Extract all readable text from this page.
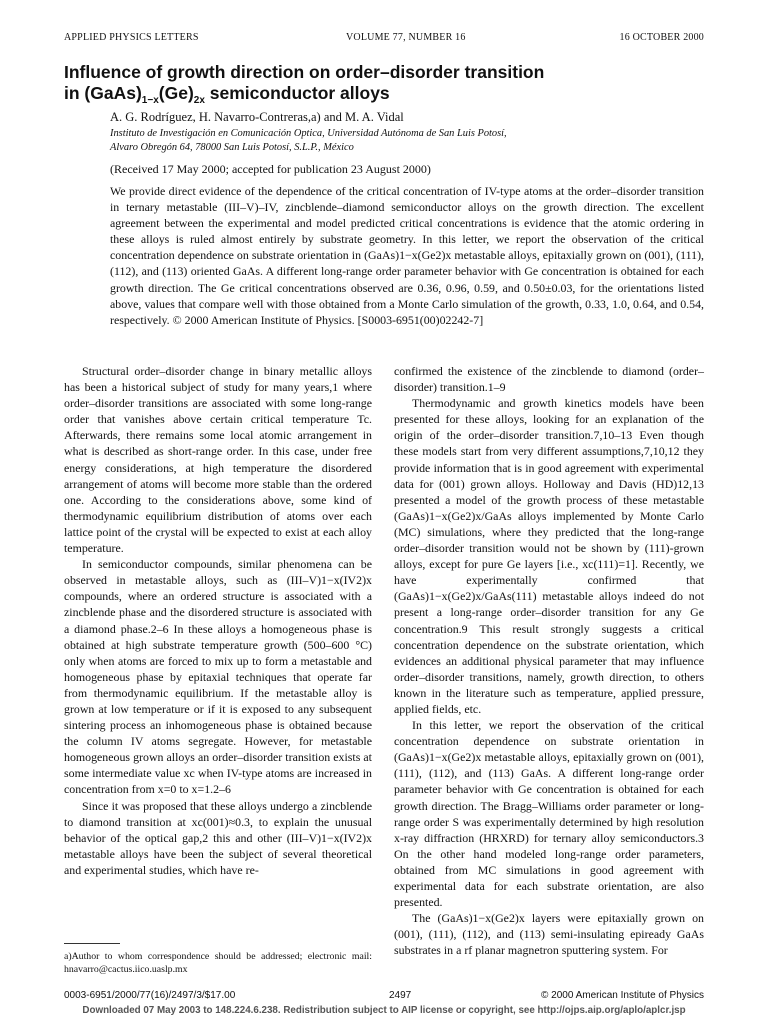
APPLIED PHYSICS LETTERS	VOLUME 77, NUMBER 16	16 OCTOBER 2000
Influence of growth direction on order–disorder transition
in $(GaAs)_{1-x}(Ge)_{2x}$ semiconductor alloys
A. G. Rodríguez, H. Navarro-Contreras,a) and M. A. Vidal
Instituto de Investigación en Comunicación Optica, Universidad Autónoma de San Luis Potosí,
Alvaro Obregón 64, 78000 San Luis Potosí, S.L.P., México
(Received 17 May 2000; accepted for publication 23 August 2000)

We provide direct evidence of the dependence of the critical concentration of IV-type atoms at the order–disorder transition in ternary metastable (III–V)–IV, zincblende–diamond semiconductor alloys on the growth direction. The excellent agreement between the experimental and model predicted critical concentrations is evidence that the atomic ordering in these alloys is ruled almost entirely by substrate geometry. In this letter, we report the observation of the critical concentration dependence on substrate orientation in (GaAs)1−x(Ge2)x metastable alloys, epitaxially grown on (001), (111), (112), and (113) oriented GaAs. A different long-range order parameter behavior with Ge concentration is obtained for each growth direction. The Ge critical concentrations observed are 0.36, 0.96, 0.59, and 0.50±0.03, for the orientations listed above, values that compare well with those obtained from a Monte Carlo simulation of the growth, 0.33, 1.0, 0.64, and 0.54, respectively. © 2000 American Institute of Physics. [S0003-6951(00)02242-7]

Structural order–disorder change in binary metallic alloys has been a historical subject of study for many years,1 where order–disorder transitions are associated with some long-range order that vanishes above certain critical temperature Tc. Afterwards, there remains some local atomic arrangement in what is described as short-range order. In this case, under free energy considerations, at high temperature the disordered arrangement of atoms will become more stable than the ordered one. According to the considerations above, some kind of thermodynamic equilibrium distribution of atoms over each lattice point of the crystal will be expected to exist at each alloy temperature.

In semiconductor compounds, similar phenomena can be observed in metastable alloys, such as (III–V)1−x(IV2)x compounds, where an ordered structure is associated with a zincblende phase and the disordered structure is associated with a diamond phase.2–6 In these alloys a homogeneous phase is obtained at high substrate temperature growth (500–600 °C) only when atoms are forced to mix up to form a metastable and homogeneous phase by epitaxial techniques that operate far from thermodynamic equilibrium. If the metastable alloy is grown at low temperature or if it is exposed to any subsequent sintering process an inhomogeneous phase is obtained because the column IV atoms segregate. However, for metastable homogeneous grown alloys an order–disorder transition exists at some intermediate value xc when IV-type atoms are increased in concentration from x=0 to x=1.2–6

Since it was proposed that these alloys undergo a zincblende to diamond transition at xc(001)≈0.3, to explain the unusual behavior of the optical gap,2 this and other (III–V)1−x(IV2)x metastable alloys have been the subject of several theoretical and experimental studies, which have re-

confirmed the existence of the zincblende to diamond (order–disorder) transition.1–9

Thermodynamic and growth kinetics models have been presented for these alloys, looking for an explanation of the origin of the order–disorder transition.7,10–13 Even though these models start from very different assumptions,7,10,12 they provide information that is in good agreement with experimental data for (001) grown alloys. Holloway and Davis (HD)12,13 presented a model of the growth process of these metastable (GaAs)1−x(Ge2)x/GaAs alloys implemented by Monte Carlo (MC) simulations, where they predicted that the long-range order–disorder transition would not be shown by (111)-grown alloys, except for pure Ge layers [i.e., xc(111)=1]. Recently, we have experimentally confirmed that (GaAs)1−x(Ge2)x/GaAs(111) metastable alloys indeed do not present a long-range order–disorder transition for any Ge concentration.9 This result strongly suggests a critical concentration dependence on the substrate orientation, which evidences an additional physical parameter that may influence order–disorder transitions, namely, growth direction, to others known in the literature such as temperature, applied pressure, applied fields, etc.

In this letter, we report the observation of the critical concentration dependence on substrate orientation in (GaAs)1−x(Ge2)x metastable alloys, epitaxially grown on (001), (111), (112), and (113) GaAs. A different long-range order parameter behavior with Ge concentration is obtained for each growth direction. The Bragg–Williams order parameter or long-range order S was experimentally determined by high resolution x-ray diffraction (HRXRD) for ternary alloy semiconductors.3 On the other hand modeled long-range order parameters, obtained from MC simulations in good agreement with experimental data for each substrate orientation, are also presented.

The (GaAs)1−x(Ge2)x layers were epitaxially grown on (001), (111), (112), and (113) semi-insulating epiready GaAs substrates in a rf planar magnetron sputtering system. For

a)Author to whom correspondence should be addressed; electronic mail: hnavarro@cactus.iico.uaslp.mx
0003-6951/2000/77(16)/2497/3/$17.00	2497	© 2000 American Institute of Physics
Downloaded 07 May 2003 to 148.224.6.238. Redistribution subject to AIP license or copyright, see http://ojps.aip.org/aplo/aplcr.jsp
